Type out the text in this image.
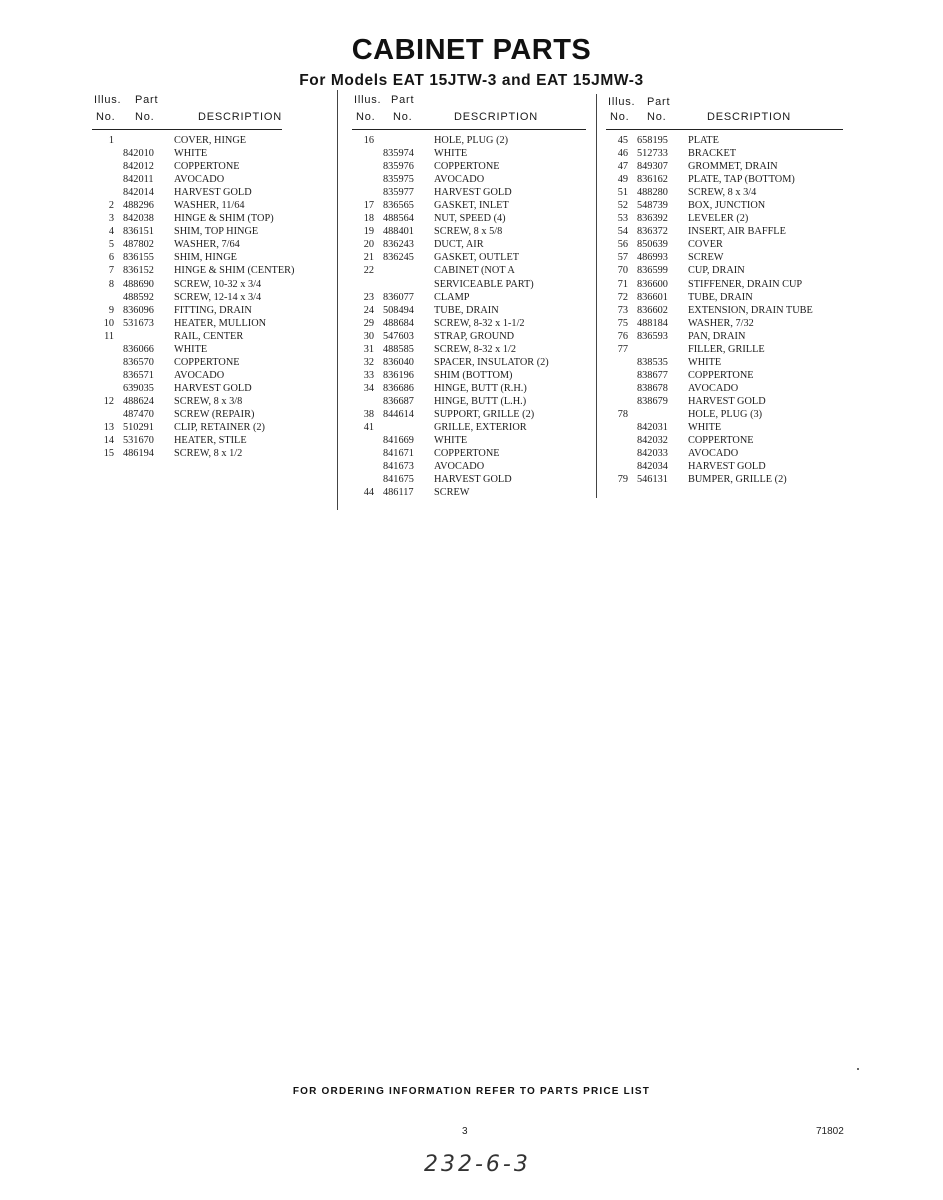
CABINET PARTS
For Models EAT 15JTW-3 and EAT 15JMW-3
Illus. Part
No. No.	DESCRIPTION
1	COVER, HINGE
842010 WHITE
842012 COPPERTONE
842011 AVOCADO
842014 HARVEST GOLD
2 488296 WASHER, 11/64
3 842038 HINGE & SHIM (TOP)
4 836151 SHIM, TOP HINGE
5 487802 WASHER, 7/64
6 836155 SHIM, HINGE
7 836152 HINGE & SHIM (CENTER)
8 488690 SCREW, 10-32 x 3/4
488592 SCREW, 12-14 x 3/4
9 836096 FITTING, DRAIN
10 531673 HEATER, MULLION
11	RAIL, CENTER
836066 WHITE
836570 COPPERTONE
836571 AVOCADO
639035 HARVEST GOLD
12 488624 SCREW, 8 x 3/8
487470 SCREW (REPAIR)
13 510291 CLIP, RETAINER (2)
14 531670 HEATER, STILE
15 486194 SCREW, 8 x 1/2
Illus. Part
No. No.	DESCRIPTION
16	HOLE, PLUG (2)
835974 WHITE
835976 COPPERTONE
835975 AVOCADO
835977 HARVEST GOLD
17 836565 GASKET, INLET
18 488564 NUT, SPEED (4)
19 488401 SCREW, 8 x 5/8
20 836243 DUCT, AIR
21 836245 GASKET, OUTLET
22	CABINET (NOT A
SERVICEABLE PART)
23 836077 CLAMP
24 508494 TUBE, DRAIN
29 488684 SCREW, 8-32 x 1-1/2
30 547603 STRAP, GROUND
31 488585 SCREW, 8-32 x 1/2
32 836040 SPACER, INSULATOR (2)
33 836196 SHIM (BOTTOM)
34 836686 HINGE, BUTT (R.H.)
836687 HINGE, BUTT (L.H.)
38 844614 SUPPORT, GRILLE (2)
41	GRILLE, EXTERIOR
841669 WHITE
841671 COPPERTONE
841673 AVOCADO
841675 HARVEST GOLD
44 486117 SCREW
Illus. Part
No. No.	DESCRIPTION
45 658195 PLATE
46 512733 BRACKET
47 849307 GROMMET, DRAIN
49 836162 PLATE, TAP (BOTTOM)
51 488280 SCREW, 8 x 3/4
52 548739 BOX, JUNCTION
53 836392 LEVELER (2)
54 836372 INSERT, AIR BAFFLE
56 850639 COVER
57 486993 SCREW
70 836599 CUP, DRAIN
71 836600 STIFFENER, DRAIN CUP
72 836601 TUBE, DRAIN
73 836602 EXTENSION, DRAIN TUBE
75 488184 WASHER, 7/32
76 836593 PAN, DRAIN
77	FILLER, GRILLE
838535 WHITE
838677 COPPERTONE
838678 AVOCADO
838679 HARVEST GOLD
78	HOLE, PLUG (3)
842031 WHITE
842032 COPPERTONE
842033 AVOCADO
842034 HARVEST GOLD
79 546131 BUMPER, GRILLE (2)
FOR ORDERING INFORMATION REFER TO PARTS PRICE LIST
3	71802
232-6-3
